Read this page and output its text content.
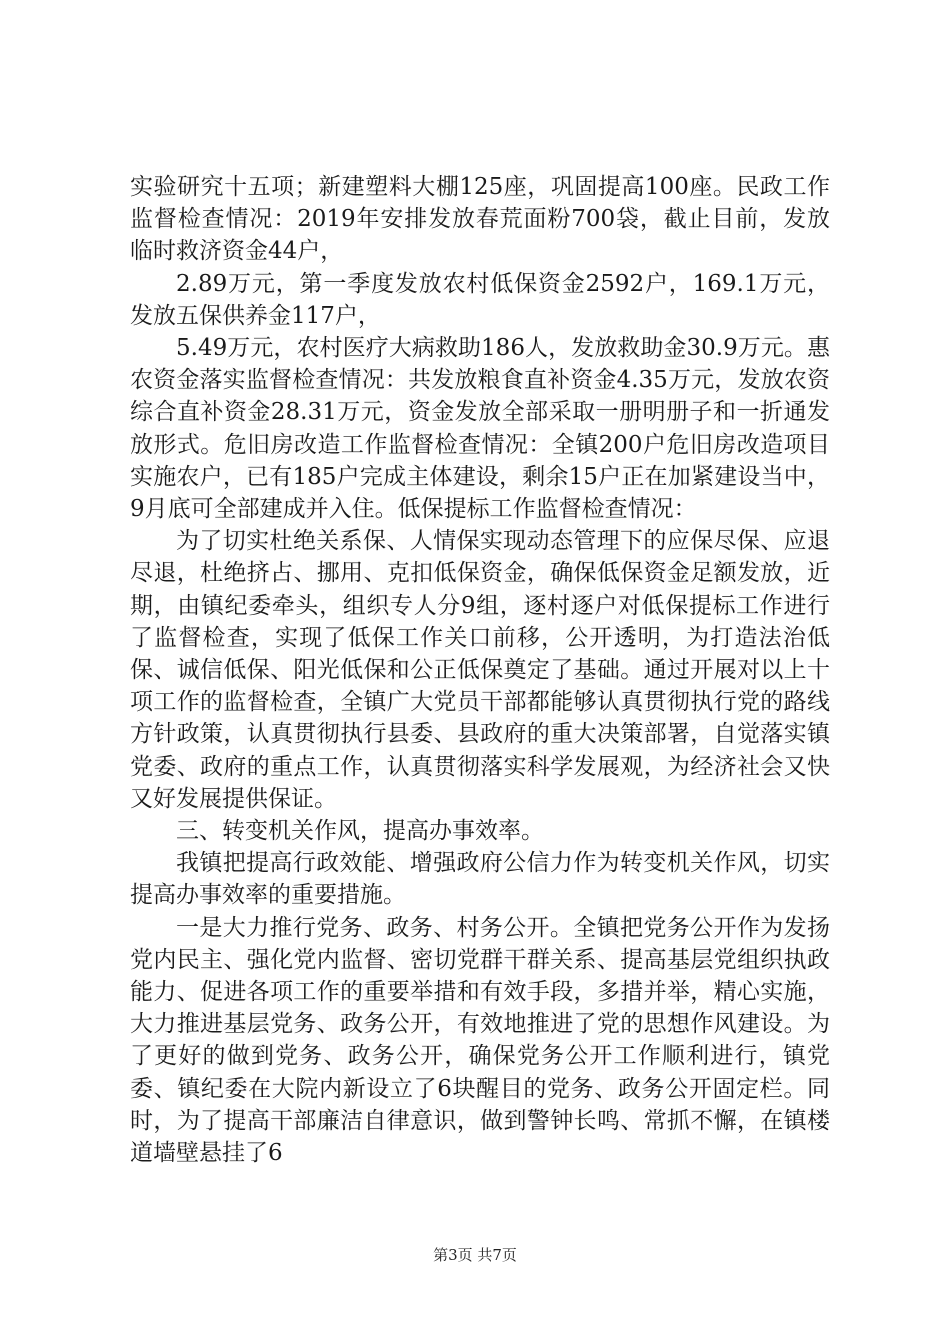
实验研究十五项；新建塑料大棚125座，巩固提高100座。民政工作监督检查情况：2019年安排发放春荒面粉700袋，截止目前，发放临时救济资金44户，

2.89万元，第一季度发放农村低保资金2592户，169.1万元，发放五保供养金117户，

5.49万元，农村医疗大病救助186人，发放救助金30.9万元。惠农资金落实监督检查情况：共发放粮食直补资金4.35万元，发放农资综合直补资金28.31万元，资金发放全部采取一册明册子和一折通发放形式。危旧房改造工作监督检查情况：全镇200户危旧房改造项目实施农户，已有185户完成主体建设，剩余15户正在加紧建设当中，9月底可全部建成并入住。低保提标工作监督检查情况：

为了切实杜绝关系保、人情保实现动态管理下的应保尽保、应退尽退，杜绝挤占、挪用、克扣低保资金，确保低保资金足额发放，近期，由镇纪委牵头，组织专人分9组，逐村逐户对低保提标工作进行了监督检查，实现了低保工作关口前移，公开透明，为打造法治低保、诚信低保、阳光低保和公正低保奠定了基础。通过开展对以上十项工作的监督检查，全镇广大党员干部都能够认真贯彻执行党的路线方针政策，认真贯彻执行县委、县政府的重大决策部署，自觉落实镇党委、政府的重点工作，认真贯彻落实科学发展观，为经济社会又快又好发展提供保证。

三、转变机关作风，提高办事效率。

我镇把提高行政效能、增强政府公信力作为转变机关作风，切实提高办事效率的重要措施。

一是大力推行党务、政务、村务公开。全镇把党务公开作为发扬党内民主、强化党内监督、密切党群干群关系、提高基层党组织执政能力、促进各项工作的重要举措和有效手段，多措并举，精心实施，大力推进基层党务、政务公开，有效地推进了党的思想作风建设。为了更好的做到党务、政务公开，确保党务公开工作顺利进行，镇党委、镇纪委在大院内新设立了6块醒目的党务、政务公开固定栏。同时，为了提高干部廉洁自律意识，做到警钟长鸣、常抓不懈，在镇楼道墙壁悬挂了6

第3页 共7页
